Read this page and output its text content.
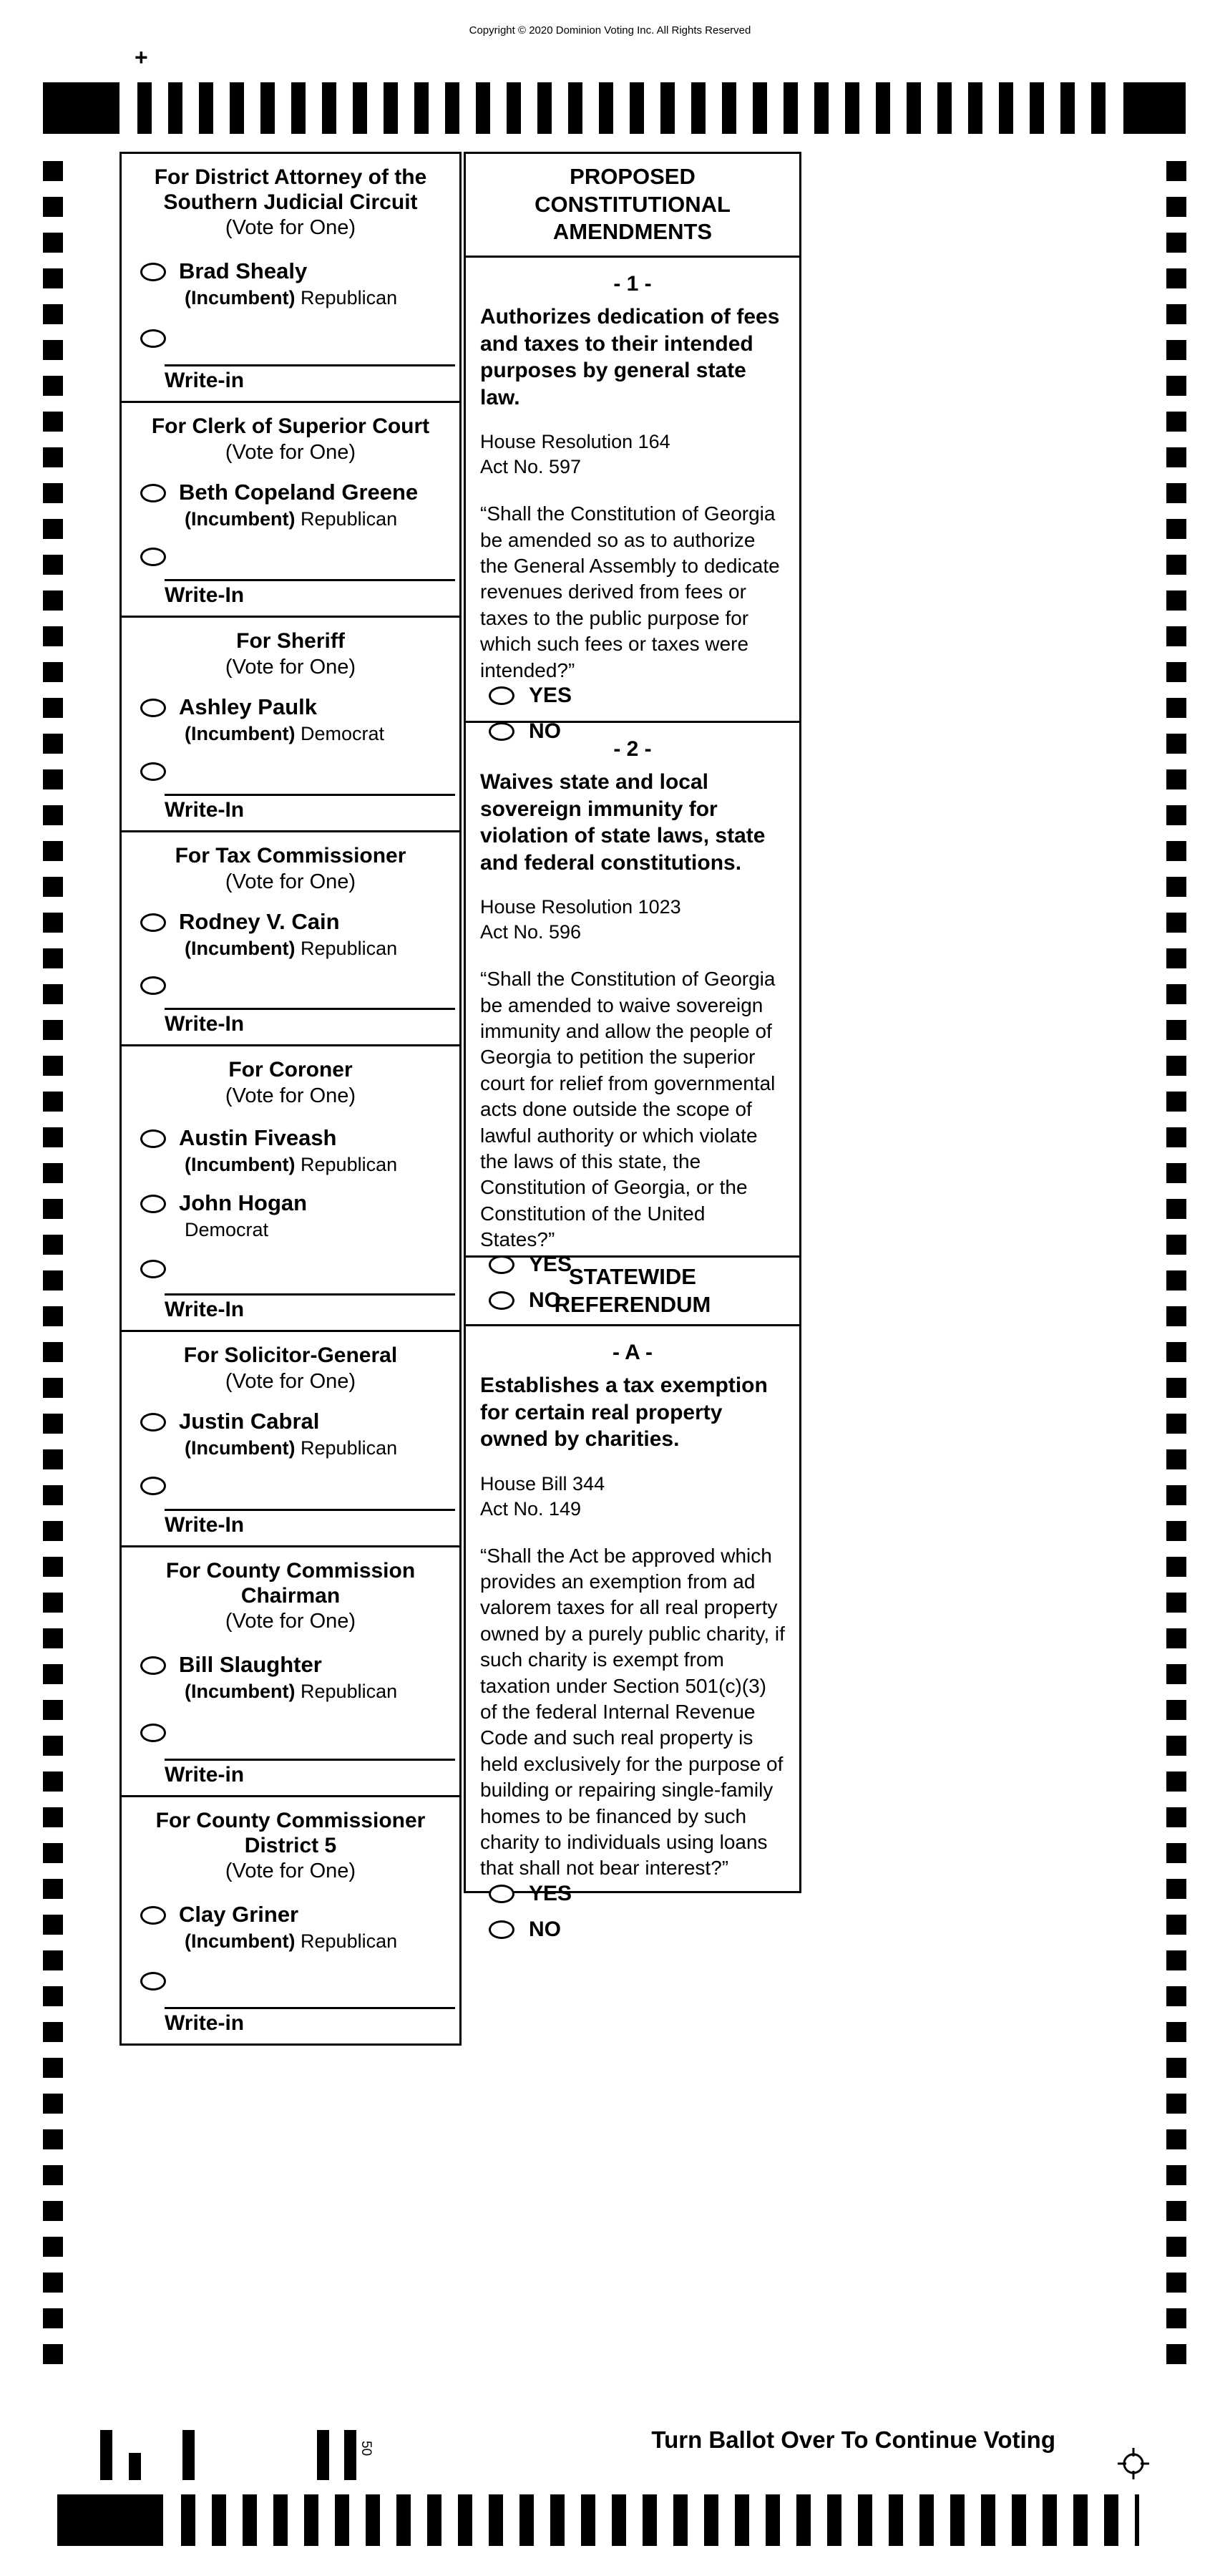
Copyright © 2020 Dominion Voting Inc. All Rights Reserved
+
For District Attorney of the Southern Judicial Circuit
(Vote for One)
Brad Shealy
(Incumbent) Republican
Write-in
For Clerk of Superior Court
(Vote for One)
Beth Copeland Greene
(Incumbent) Republican
Write-In
For Sheriff
(Vote for One)
Ashley Paulk
(Incumbent) Democrat
Write-In
For Tax Commissioner
(Vote for One)
Rodney V. Cain
(Incumbent) Republican
Write-In
For Coroner
(Vote for One)
Austin Fiveash
(Incumbent) Republican
John Hogan
Democrat
Write-In
For Solicitor-General
(Vote for One)
Justin Cabral
(Incumbent) Republican
Write-In
For County Commission Chairman
(Vote for One)
Bill Slaughter
(Incumbent) Republican
Write-in
For County Commissioner District 5
(Vote for One)
Clay Griner
(Incumbent) Republican
Write-in
PROPOSED CONSTITUTIONAL AMENDMENTS
- 1 -
Authorizes dedication of fees and taxes to their intended purposes by general state law.
House Resolution 164
Act No. 597
“Shall the Constitution of Georgia be amended so as to authorize the General Assembly to dedicate revenues derived from fees or taxes to the public purpose for which such fees or taxes were intended?”
YES
NO
- 2 -
Waives state and local sovereign immunity for violation of state laws, state and federal constitutions.
House Resolution 1023
Act No. 596
“Shall the Constitution of Georgia be amended to waive sovereign immunity and allow the people of Georgia to petition the superior court for relief from governmental acts done outside the scope of lawful authority or which violate the laws of this state, the Constitution of Georgia, or the Constitution of the United States?”
YES
NO
STATEWIDE REFERENDUM
- A -
Establishes a tax exemption for certain real property owned by charities.
House Bill 344
Act No. 149
“Shall the Act be approved which provides an exemption from ad valorem taxes for all real property owned by a purely public charity, if such charity is exempt from taxation under Section 501(c)(3) of the federal Internal Revenue Code and such real property is held exclusively for the purpose of building or repairing single-family homes to be financed by such charity to individuals using loans that shall not bear interest?”
YES
NO
50	Turn Ballot Over To Continue Voting
